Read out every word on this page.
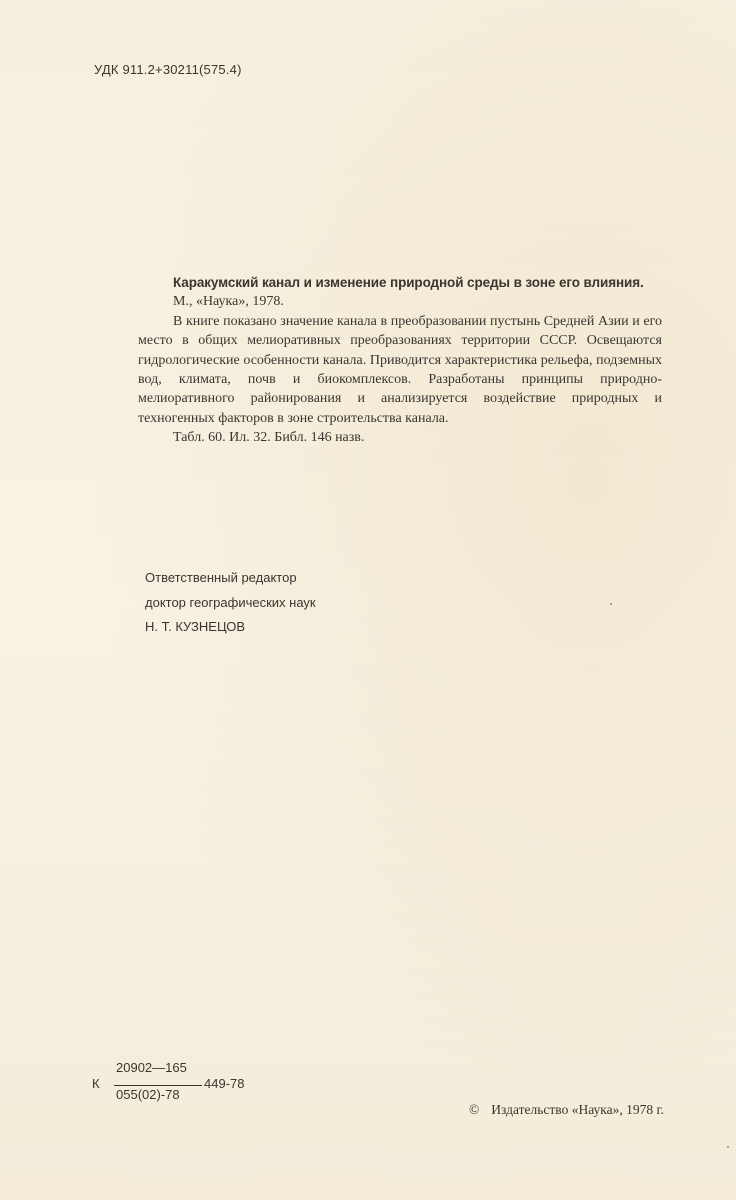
УДК 911.2+30211(575.4)

Каракумский канал и изменение природной среды в зоне его влияния.

М., «Наука», 1978.

В книге показано значение канала в преобразовании пустынь Средней Азии и его место в общих мелиоративных преобразованиях территории СССР. Освещаются гидрологические особенности канала. Приводится характеристика рельефа, подземных вод, климата, почв и биокомплексов. Разработаны принципы природно-мелиоративного районирования и анализируется воздействие природных и техногенных факторов в зоне строительства канала.

Табл. 60. Ил. 32. Библ. 146 назв.

Ответственный редактор
доктор географических наук
Н. Т. КУЗНЕЦОВ
К
20902—165
055(02)-78
449-78
© Издательство «Наука», 1978 г.
